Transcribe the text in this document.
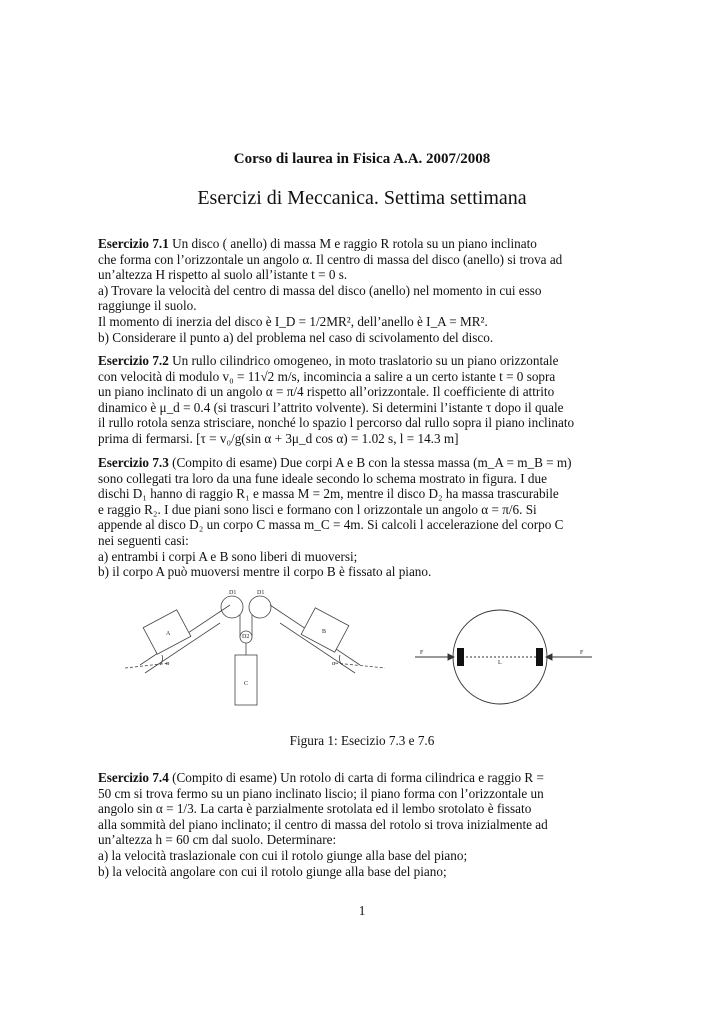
Corso di laurea in Fisica A.A. 2007/2008
Esercizi di Meccanica. Settima settimana
Esercizio 7.1 Un disco ( anello) di massa M e raggio R rotola su un piano inclinato
che forma con l’orizzontale un angolo α. Il centro di massa del disco (anello) si trova ad
un’altezza H rispetto al suolo all’istante t = 0 s.
a) Trovare la velocità del centro di massa del disco (anello) nel momento in cui esso
raggiunge il suolo.
Il momento di inerzia del disco è I_D = 1/2MR², dell’anello è I_A = MR².
b) Considerare il punto a) del problema nel caso di scivolamento del disco.
Esercizio 7.2 Un rullo cilindrico omogeneo, in moto traslatorio su un piano orizzontale
con velocità di modulo v₀ = 11√2 m/s, incomincia a salire a un certo istante t = 0 sopra
un piano inclinato di un angolo α = π/4 rispetto all’orizzontale. Il coefficiente di attrito
dinamico è μ_d = 0.4 (si trascuri l’attrito volvente). Si determini l’istante τ dopo il quale
il rullo rotola senza strisciare, nonché lo spazio l percorso dal rullo sopra il piano inclinato
prima di fermarsi. [τ = v₀/g(sin α + 3μ_d cos α) = 1.02 s, l = 14.3 m]
Esercizio 7.3 (Compito di esame) Due corpi A e B con la stessa massa (m_A = m_B = m)
sono collegati tra loro da una fune ideale secondo lo schema mostrato in figura. I due
dischi D₁ hanno di raggio R₁ e massa M = 2m, mentre il disco D₂ ha massa trascurabile
e raggio R₂. I due piani sono lisci e formano con l orizzontale un angolo α = π/6. Si
appende al disco D₂ un corpo C massa m_C = 4m. Si calcoli l accelerazione del corpo C
nei seguenti casi:
a) entrambi i corpi A e B sono liberi di muoversi;
b) il corpo A può muoversi mentre il corpo B è fissato al piano.
A	B
C
D1	D1
D2
α	α
F	F
L
Figura 1: Esecizio 7.3 e 7.6
Esercizio 7.4 (Compito di esame) Un rotolo di carta di forma cilindrica e raggio R =
50 cm si trova fermo su un piano inclinato liscio; il piano forma con l’orizzontale un
angolo sin α = 1/3. La carta è parzialmente srotolata ed il lembo srotolato è fissato
alla sommità del piano inclinato; il centro di massa del rotolo si trova inizialmente ad
un’altezza h = 60 cm dal suolo. Determinare:
a) la velocità traslazionale con cui il rotolo giunge alla base del piano;
b) la velocità angolare con cui il rotolo giunge alla base del piano;
1
